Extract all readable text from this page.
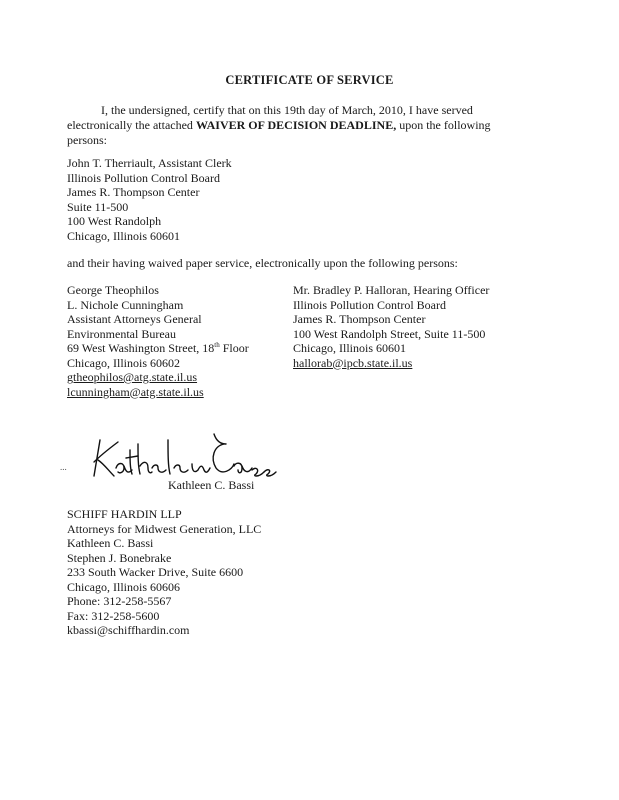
CERTIFICATE OF SERVICE
I, the undersigned, certify that on this 19th day of March, 2010, I have served electronically the attached WAIVER OF DECISION DEADLINE, upon the following persons:
John T. Therriault, Assistant Clerk
Illinois Pollution Control Board
James R. Thompson Center
Suite 11-500
100 West Randolph
Chicago, Illinois 60601
and their having waived paper service, electronically upon the following persons:
George Theophilos
L. Nichole Cunningham
Assistant Attorneys General
Environmental Bureau
69 West Washington Street, 18th Floor
Chicago, Illinois 60602
gtheophilos@atg.state.il.us
lcunningham@atg.state.il.us
Mr. Bradley P. Halloran, Hearing Officer
Illinois Pollution Control Board
James R. Thompson Center
100 West Randolph Street, Suite 11-500
Chicago, Illinois 60601
hallorab@ipcb.state.il.us
...
Kathleen C. Bassi
SCHIFF HARDIN LLP
Attorneys for Midwest Generation, LLC
Kathleen C. Bassi
Stephen J. Bonebrake
233 South Wacker Drive, Suite 6600
Chicago, Illinois 60606
Phone: 312-258-5567
Fax: 312-258-5600
kbassi@schiffhardin.com
